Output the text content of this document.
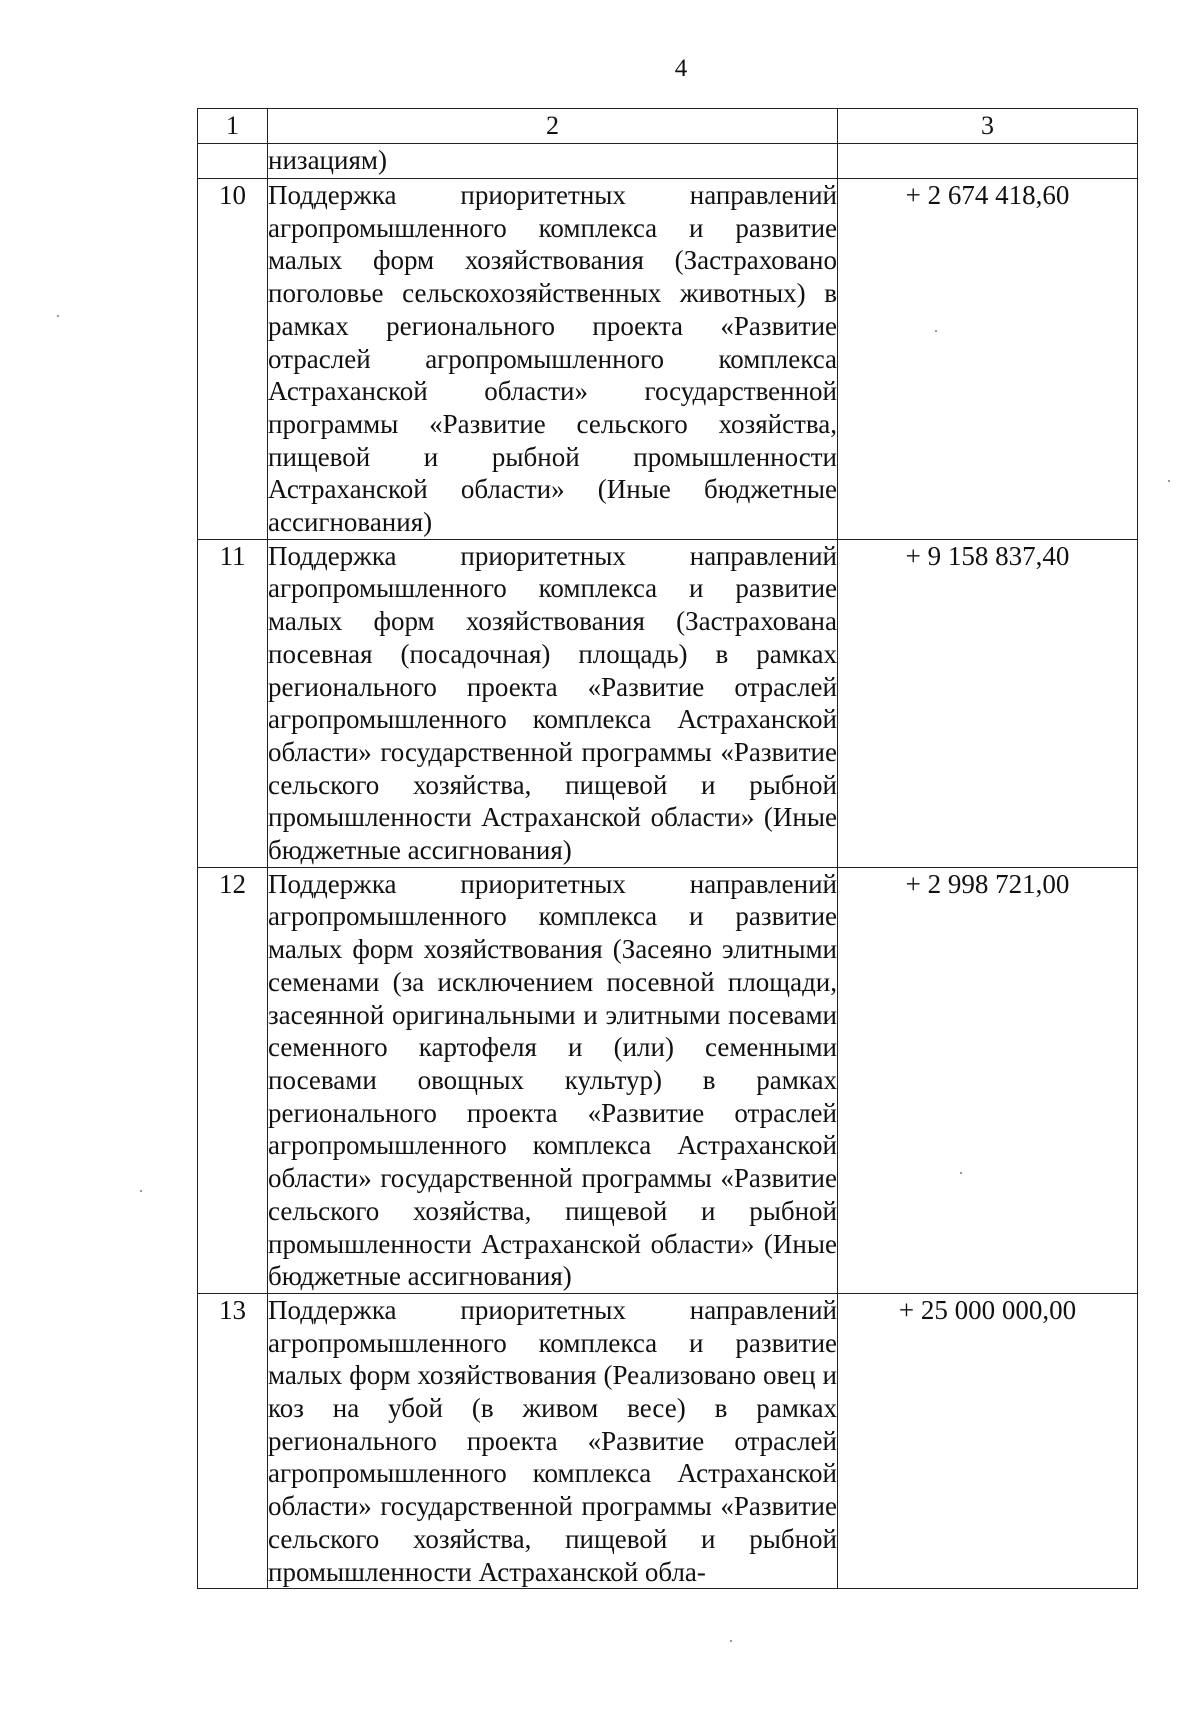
4
1	2	3
	низациям)	
10	Поддержка приоритетных направлений агропромышленного комплекса и развитие малых форм хозяйствования (Застраховано поголовье сельскохозяйственных животных) в рамках регионального проекта «Развитие отраслей агропромышленного комплекса Астраханской области» государственной программы «Развитие сельского хозяйства, пищевой и рыбной промышленности Астраханской области» (Иные бюджетные ассигнования)	+ 2 674 418,60
11	Поддержка приоритетных направлений агропромышленного комплекса и развитие малых форм хозяйствования (Застрахована посевная (посадочная) площадь) в рамках регионального проекта «Развитие отраслей агропромышленного комплекса Астраханской области» государственной программы «Развитие сельского хозяйства, пищевой и рыбной промышленности Астраханской области» (Иные бюджетные ассигнования)	+ 9 158 837,40
12	Поддержка приоритетных направлений агропромышленного комплекса и развитие малых форм хозяйствования (Засеяно элитными семенами (за исключением посевной площади, засеянной оригинальными и элитными посевами семенного картофеля и (или) семенными посевами овощных культур) в рамках регионального проекта «Развитие отраслей агропромышленного комплекса Астраханской области» государственной программы «Развитие сельского хозяйства, пищевой и рыбной промышленности Астраханской области» (Иные бюджетные ассигнования)	+ 2 998 721,00
13	Поддержка приоритетных направлений агропромышленного комплекса и развитие малых форм хозяйствования (Реализовано овец и коз на убой (в живом весе) в рамках регионального проекта «Развитие отраслей агропромышленного комплекса Астраханской области» государственной программы «Развитие сельского хозяйства, пищевой и рыбной промышленности Астраханской обла-	+ 25 000 000,00
